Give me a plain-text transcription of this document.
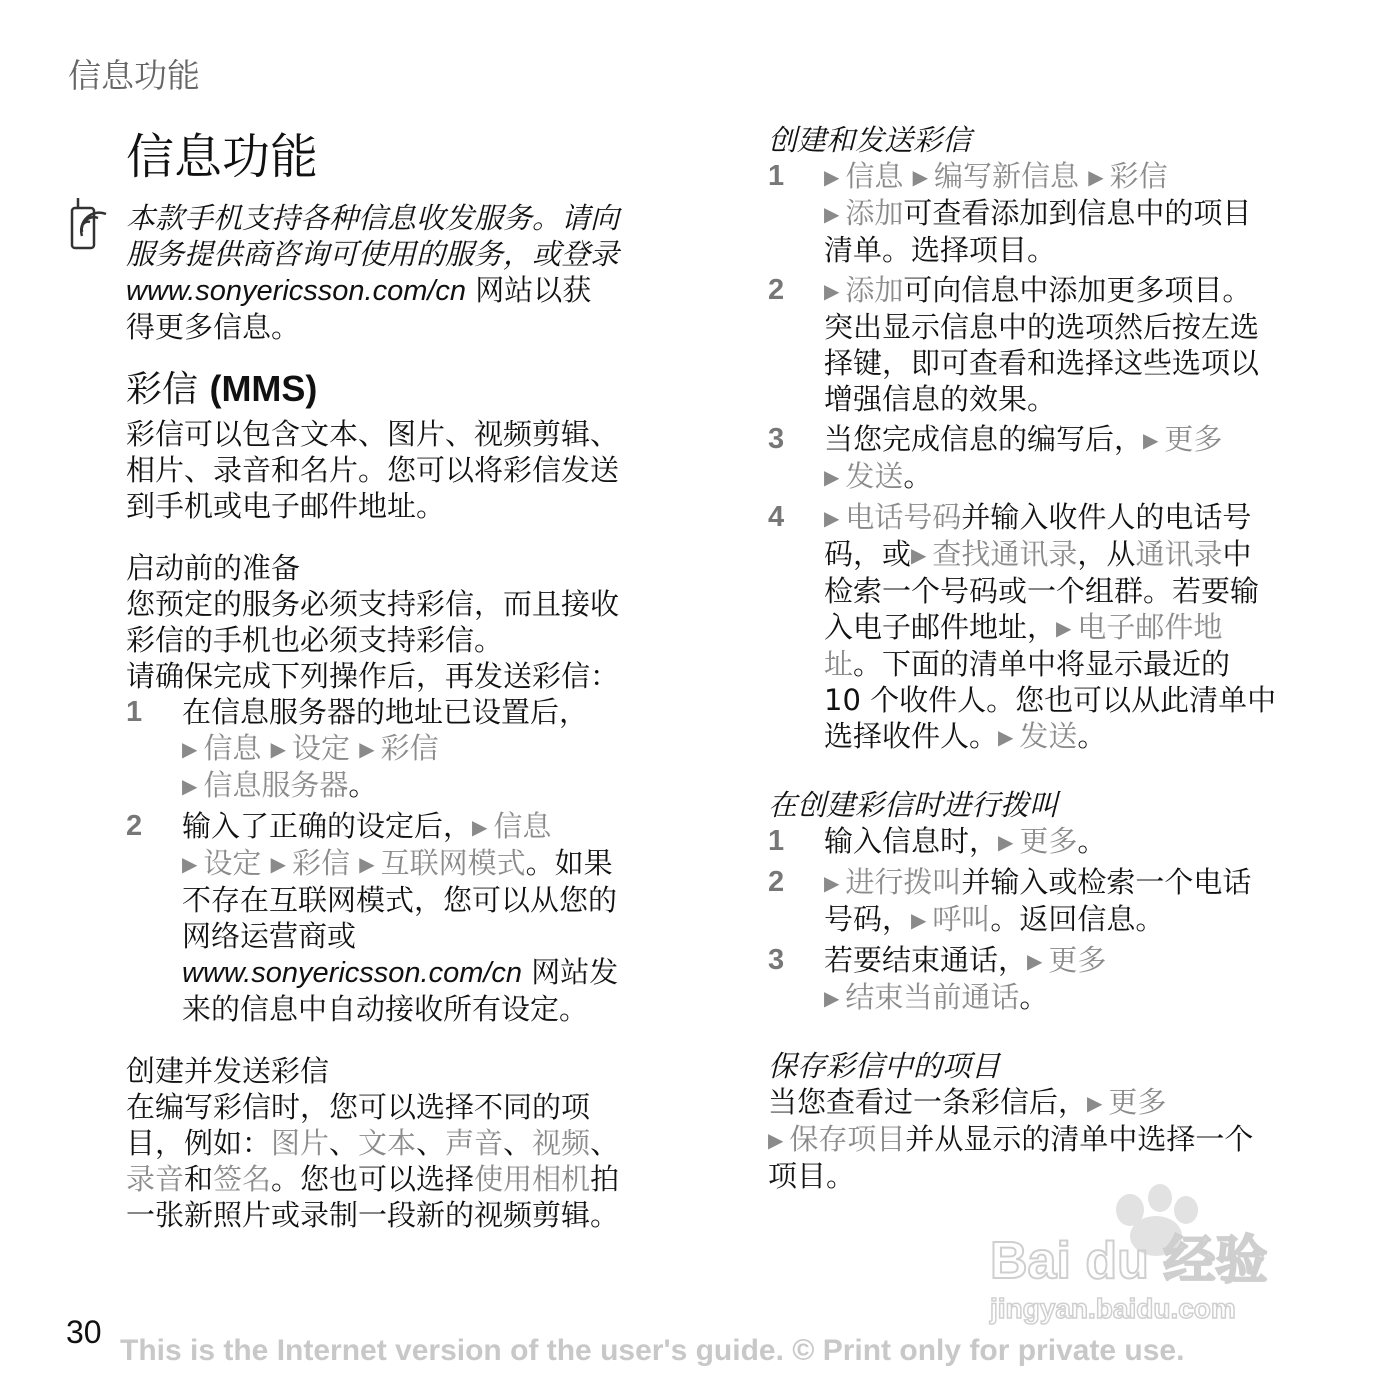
信息功能
信息功能

本款手机支持各种信息收发服务。请向
服务提供商咨询可使用的服务，或登录
www.sonyericsson.com/cn 网站以获
得更多信息。

彩信 (MMS)

彩信可以包含文本、图片、视频剪辑、
相片、录音和名片。您可以将彩信发送
到手机或电子邮件地址。

启动前的准备

您预定的服务必须支持彩信，而且接收
彩信的手机也必须支持彩信。
请确保完成下列操作后，再发送彩信：

1 在信息服务器的地址已设置后，
▶ 信息 ▶ 设定 ▶ 彩信
▶ 信息服务器。
2 输入了正确的设定后，▶ 信息
▶ 设定 ▶ 彩信 ▶ 互联网模式。如果
不存在互联网模式，您可以从您的
网络运营商或
www.sonyericsson.com/cn 网站发
来的信息中自动接收所有设定。
创建并发送彩信

在编写彩信时，您可以选择不同的项
目，例如：图片、文本、声音、视频、
录音和签名。您也可以选择使用相机拍
一张新照片或录制一段新的视频剪辑。

创建和发送彩信
1 ▶ 信息 ▶ 编写新信息 ▶ 彩信
▶ 添加可查看添加到信息中的项目
清单。选择项目。
2 ▶ 添加可向信息中添加更多项目。
突出显示信息中的选项然后按左选
择键，即可查看和选择这些选项以
增强信息的效果。
3 当您完成信息的编写后，▶ 更多
▶ 发送。
4 ▶ 电话号码并输入收件人的电话号
码，或▶ 查找通讯录，从通讯录中
检索一个号码或一个组群。若要输
入电子邮件地址，▶ 电子邮件地
址。下面的清单中将显示最近的
10 个收件人。您也可以从此清单中
选择收件人。▶ 发送。
在创建彩信时进行拨叫
1 输入信息时，▶ 更多。
2 ▶ 进行拨叫并输入或检索一个电话
号码，▶ 呼叫。返回信息。
3 若要结束通话，▶ 更多
▶ 结束当前通话。
保存彩信中的项目

当您查看过一条彩信后，▶ 更多
▶ 保存项目并从显示的清单中选择一个
项目。

Bai du 经验
jingyan.baidu.com
30
This is the Internet version of the user's guide. © Print only for private use.
